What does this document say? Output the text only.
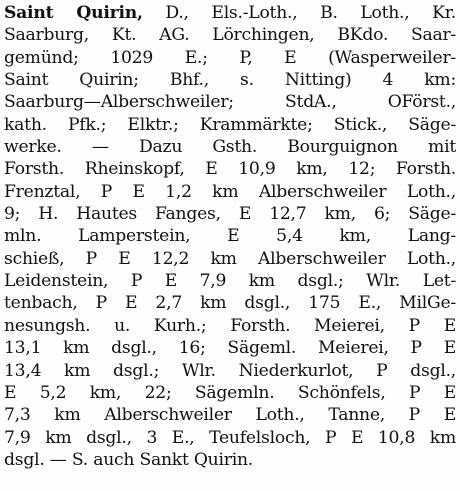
Saint Quirin, D., Els.-Loth., B. Loth., Kr.
Saarburg, Kt. AG. Lörchingen, BKdo. Saar-
gemünd; 1029 E.; P, E (Wasperweiler-
Saint Quirin; Bhf., s. Nitting) 4 km:
Saarburg—Alberschweiler; StdA., OFörst.,
kath. Pfk.; Elktr.; Krammärkte; Stick., Säge-
werke. — Dazu Gsth. Bourguignon mit
Forsth. Rheinskopf, E 10,9 km, 12; Forsth.
Frenztal, P E 1,2 km Alberschweiler Loth.,
9; H. Hautes Fanges, E 12,7 km, 6; Säge-
mln. Lamperstein, E 5,4 km, Lang-
schieß, P E 12,2 km Alberschweiler Loth.,
Leidenstein, P E 7,9 km dsgl.; Wlr. Let-
tenbach, P E 2,7 km dsgl., 175 E., MilGe-
nesungsh. u. Kurh.; Forsth. Meierei, P E
13,1 km dsgl., 16; Sägeml. Meierei, P E
13,4 km dsgl.; Wlr. Niederkurlot, P dsgl.,
E 5,2 km, 22; Sägemln. Schönfels, P E
7,3 km Alberschweiler Loth., Tanne, P E
7,9 km dsgl., 3 E., Teufelsloch, P E 10,8 km
dsgl. — S. auch Sankt Quirin.
